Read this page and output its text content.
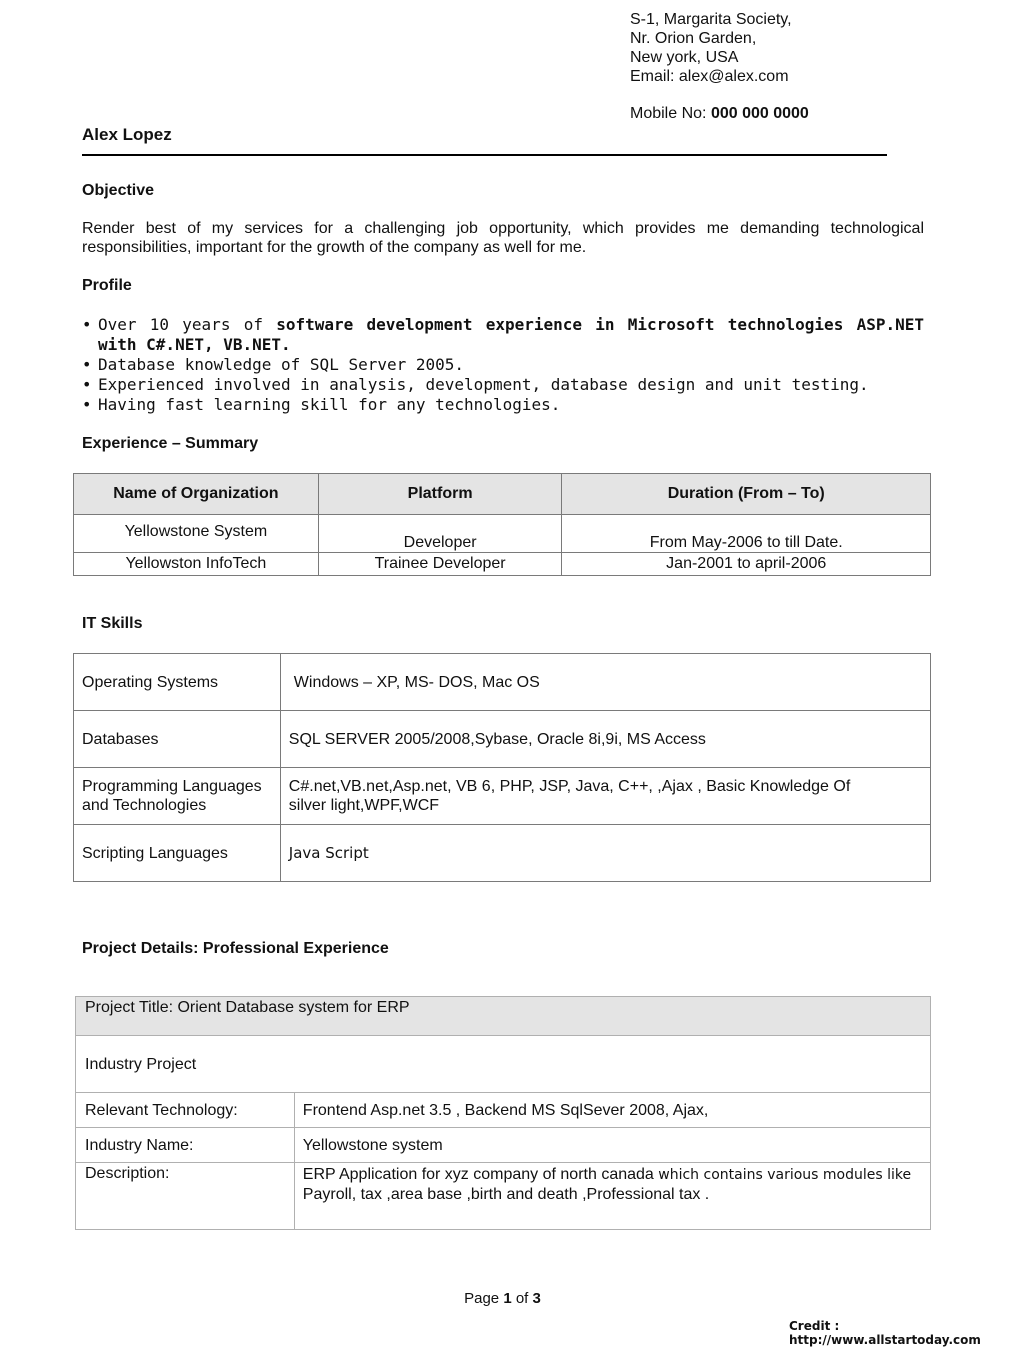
S-1, Margarita Society,
Nr. Orion Garden,
New york, USA
Email: alex@alex.com
Mobile No: 000 000 0000
Alex Lopez
Objective
Render best of my services for a challenging job opportunity, which provides me demanding technological responsibilities, important for the growth of the company as well for me.
Profile
• Over 10 years of software development experience in Microsoft technologies ASP.NET with C#.NET, VB.NET.
• Database knowledge of SQL Server 2005.
• Experienced involved in analysis, development, database design and unit testing.
• Having fast learning skill for any technologies.
Experience – Summary
Name of Organization	Platform	Duration (From – To)
Yellowstone System	Developer	From May-2006 to till Date.
Yellowston InfoTech	Trainee Developer	Jan-2001 to april-2006
IT Skills
Operating Systems	Windows – XP, MS- DOS, Mac OS
Databases	SQL SERVER 2005/2008,Sybase, Oracle 8i,9i, MS Access
Programming Languages and Technologies	C#.net,VB.net,Asp.net, VB 6, PHP, JSP, Java, C++, ,Ajax , Basic Knowledge Of silver light,WPF,WCF
Scripting Languages	Java Script
Project Details: Professional Experience
Project Title: Orient Database system for ERP	
Industry Project	
Relevant Technology:	Frontend Asp.net 3.5 , Backend MS SqlSever 2008, Ajax,
Industry Name:	Yellowstone system
Description:	ERP Application for xyz company of north canada which contains various modules like
Payroll, tax ,area base ,birth and death ,Professional tax .
Page 1 of 3
Credit : http://www.allstartoday.com
